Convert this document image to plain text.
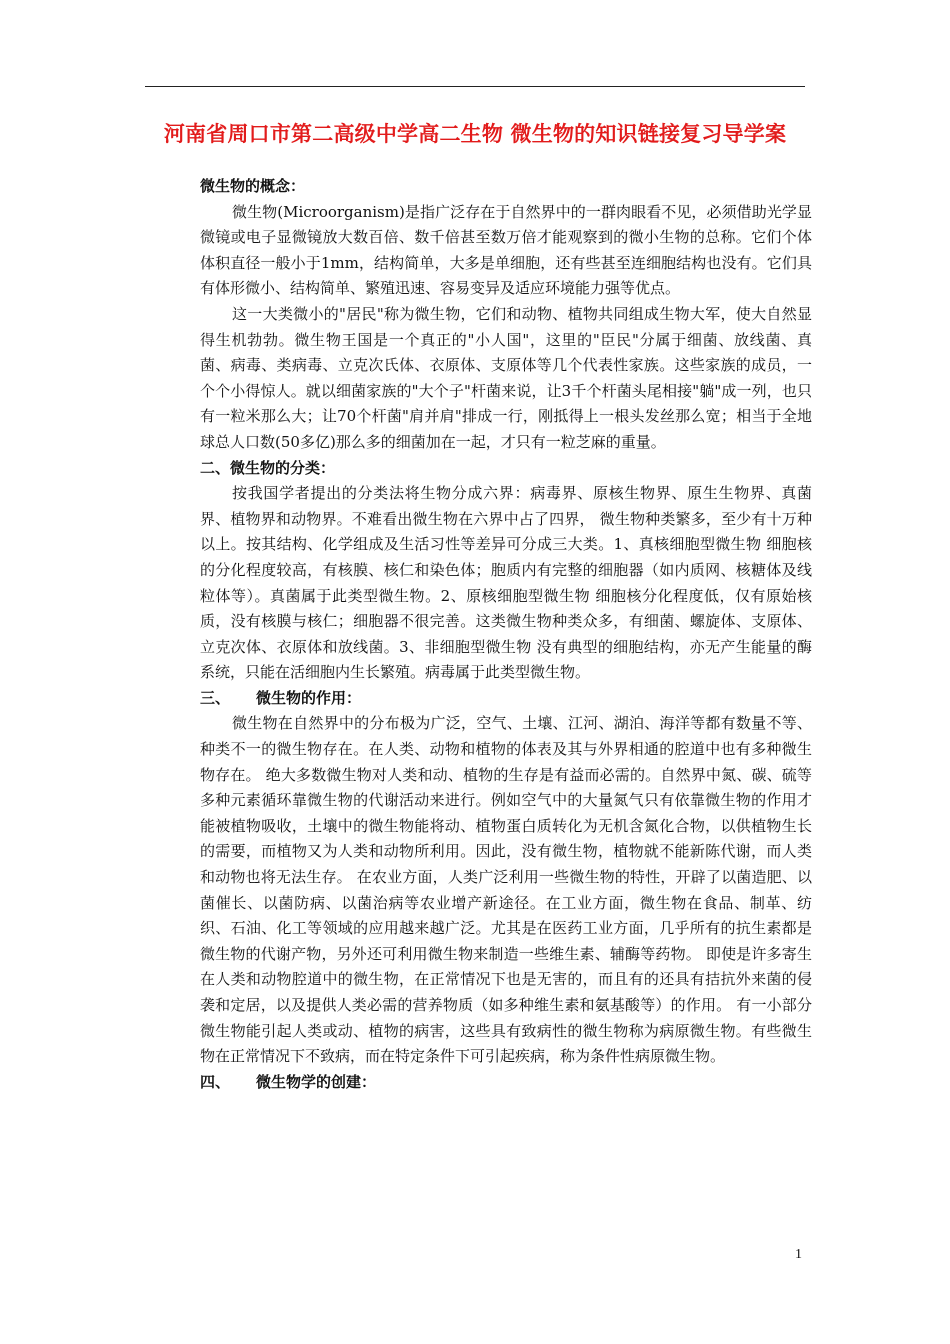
河南省周口市第二高级中学高二生物 微生物的知识链接复习导学案

微生物的概念：

微生物(Microorganism)是指广泛存在于自然界中的一群肉眼看不见，必须借助光学显微镜或电子显微镜放大数百倍、数千倍甚至数万倍才能观察到的微小生物的总称。它们个体体积直径一般小于1mm，结构简单，大多是单细胞，还有些甚至连细胞结构也没有。它们具有体形微小、结构简单、繁殖迅速、容易变异及适应环境能力强等优点。

这一大类微小的"居民"称为微生物，它们和动物、植物共同组成生物大军，使大自然显得生机勃勃。微生物王国是一个真正的"小人国"，这里的"臣民"分属于细菌、放线菌、真菌、病毒、类病毒、立克次氏体、衣原体、支原体等几个代表性家族。这些家族的成员，一个个小得惊人。就以细菌家族的"大个子"杆菌来说，让3千个杆菌头尾相接"躺"成一列，也只有一粒米那么大；让70个杆菌"肩并肩"排成一行，刚抵得上一根头发丝那么宽；相当于全地球总人口数(50多亿)那么多的细菌加在一起，才只有一粒芝麻的重量。

二、微生物的分类：

按我国学者提出的分类法将生物分成六界：病毒界、原核生物界、原生生物界、真菌界、植物界和动物界。不难看出微生物在六界中占了四界， 微生物种类繁多，至少有十万种以上。按其结构、化学组成及生活习性等差异可分成三大类。1、真核细胞型微生物 细胞核的分化程度较高，有核膜、核仁和染色体；胞质内有完整的细胞器（如内质网、核糖体及线粒体等）。真菌属于此类型微生物。2、原核细胞型微生物 细胞核分化程度低，仅有原始核质，没有核膜与核仁；细胞器不很完善。这类微生物种类众多，有细菌、螺旋体、支原体、立克次体、衣原体和放线菌。3、非细胞型微生物 没有典型的细胞结构，亦无产生能量的酶系统，只能在活细胞内生长繁殖。病毒属于此类型微生物。

三、 微生物的作用：

微生物在自然界中的分布极为广泛，空气、土壤、江河、湖泊、海洋等都有数量不等、种类不一的微生物存在。在人类、动物和植物的体表及其与外界相通的腔道中也有多种微生物存在。 绝大多数微生物对人类和动、植物的生存是有益而必需的。自然界中氮、碳、硫等多种元素循环靠微生物的代谢活动来进行。例如空气中的大量氮气只有依靠微生物的作用才能被植物吸收，土壤中的微生物能将动、植物蛋白质转化为无机含氮化合物，以供植物生长的需要，而植物又为人类和动物所利用。因此，没有微生物，植物就不能新陈代谢，而人类和动物也将无法生存。 在农业方面，人类广泛利用一些微生物的特性，开辟了以菌造肥、以菌催长、以菌防病、以菌治病等农业增产新途径。在工业方面，微生物在食品、制革、纺织、石油、化工等领域的应用越来越广泛。尤其是在医药工业方面，几乎所有的抗生素都是微生物的代谢产物，另外还可利用微生物来制造一些维生素、辅酶等药物。 即使是许多寄生在人类和动物腔道中的微生物，在正常情况下也是无害的，而且有的还具有拮抗外来菌的侵袭和定居，以及提供人类必需的营养物质（如多种维生素和氨基酸等）的作用。 有一小部分微生物能引起人类或动、植物的病害，这些具有致病性的微生物称为病原微生物。有些微生物在正常情况下不致病，而在特定条件下可引起疾病，称为条件性病原微生物。

四、 微生物学的创建：

1
